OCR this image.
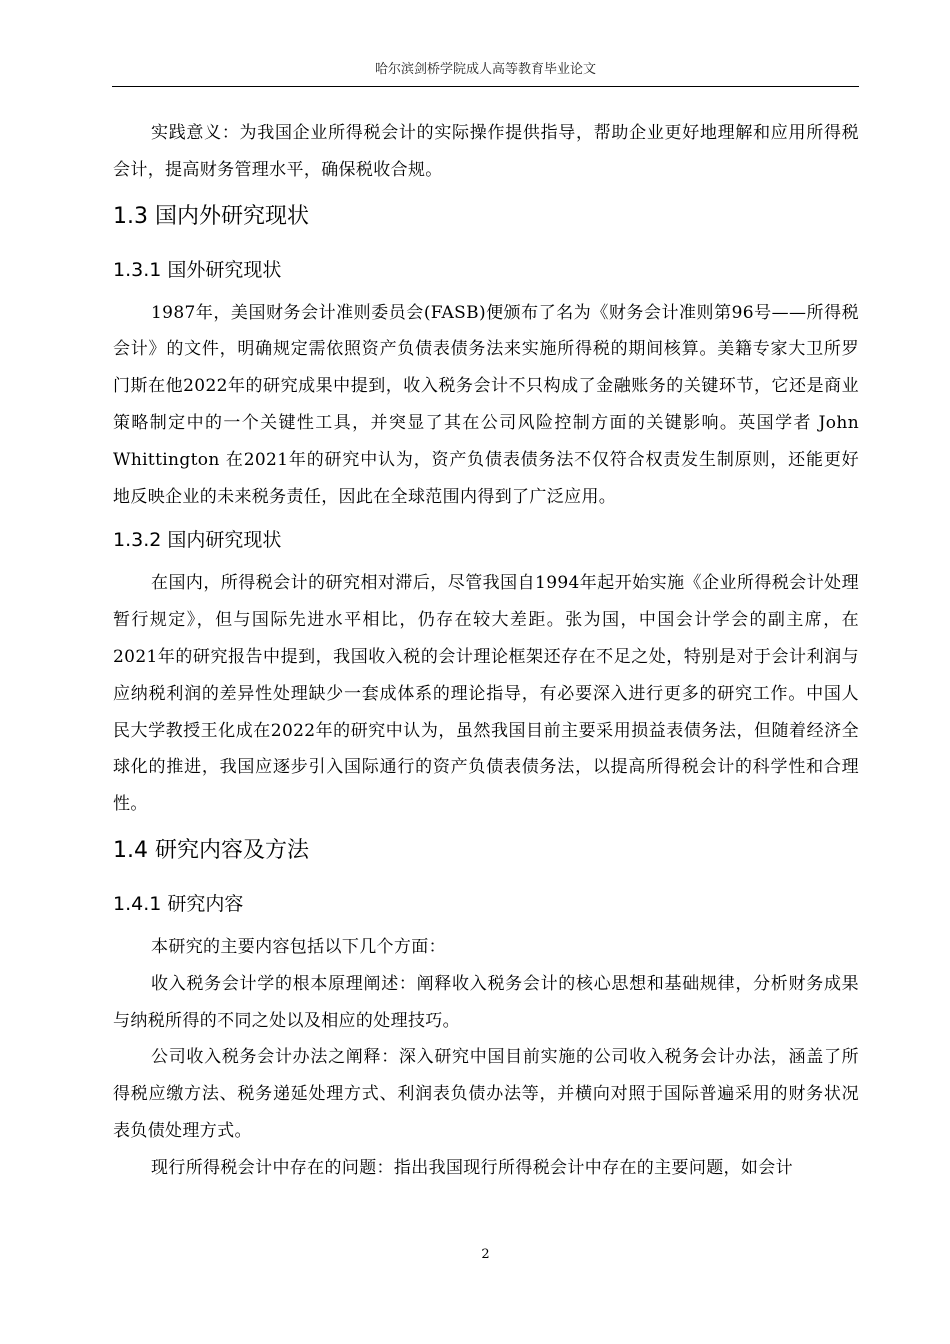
哈尔滨剑桥学院成人高等教育毕业论文

实践意义：为我国企业所得税会计的实际操作提供指导，帮助企业更好地理解和应用所得税会计，提高财务管理水平，确保税收合规。

1.3 国内外研究现状
1.3.1 国外研究现状

1987年，美国财务会计准则委员会(FASB)便颁布了名为《财务会计准则第96号——所得税会计》的文件，明确规定需依照资产负债表债务法来实施所得税的期间核算。美籍专家大卫所罗门斯在他2022年的研究成果中提到，收入税务会计不只构成了金融账务的关键环节，它还是商业策略制定中的一个关键性工具，并突显了其在公司风险控制方面的关键影响。英国学者 John Whittington 在2021年的研究中认为，资产负债表债务法不仅符合权责发生制原则，还能更好地反映企业的未来税务责任，因此在全球范围内得到了广泛应用。

1.3.2 国内研究现状

在国内，所得税会计的研究相对滞后，尽管我国自1994年起开始实施《企业所得税会计处理暂行规定》，但与国际先进水平相比，仍存在较大差距。张为国，中国会计学会的副主席，在2021年的研究报告中提到，我国收入税的会计理论框架还存在不足之处，特别是对于会计利润与应纳税利润的差异性处理缺少一套成体系的理论指导，有必要深入进行更多的研究工作。中国人民大学教授王化成在2022年的研究中认为，虽然我国目前主要采用损益表债务法，但随着经济全球化的推进，我国应逐步引入国际通行的资产负债表债务法，以提高所得税会计的科学性和合理性。

1.4 研究内容及方法
1.4.1 研究内容

本研究的主要内容包括以下几个方面：

收入税务会计学的根本原理阐述：阐释收入税务会计的核心思想和基础规律，分析财务成果与纳税所得的不同之处以及相应的处理技巧。

公司收入税务会计办法之阐释：深入研究中国目前实施的公司收入税务会计办法，涵盖了所得税应缴方法、税务递延处理方式、利润表负债办法等，并横向对照于国际普遍采用的财务状况表负债处理方式。

现行所得税会计中存在的问题：指出我国现行所得税会计中存在的主要问题，如会计

2
